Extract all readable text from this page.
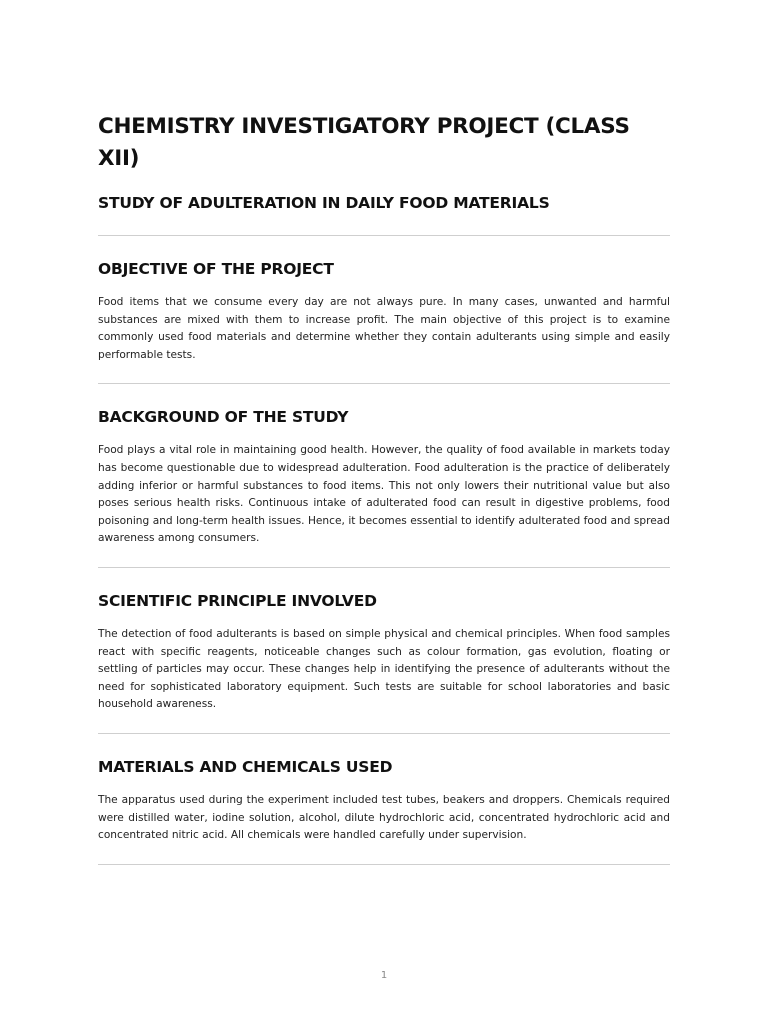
CHEMISTRY INVESTIGATORY PROJECT (CLASS XII)
STUDY OF ADULTERATION IN DAILY FOOD MATERIALS
OBJECTIVE OF THE PROJECT

Food items that we consume every day are not always pure. In many cases, unwanted and harmful substances are mixed with them to increase profit. The main objective of this project is to examine commonly used food materials and determine whether they contain adulterants using simple and easily performable tests.

BACKGROUND OF THE STUDY

Food plays a vital role in maintaining good health. However, the quality of food available in markets today has become questionable due to widespread adulteration. Food adulteration is the practice of deliberately adding inferior or harmful substances to food items. This not only lowers their nutritional value but also poses serious health risks. Continuous intake of adulterated food can result in digestive problems, food poisoning and long-term health issues. Hence, it becomes essential to identify adulterated food and spread awareness among consumers.

SCIENTIFIC PRINCIPLE INVOLVED

The detection of food adulterants is based on simple physical and chemical principles. When food samples react with specific reagents, noticeable changes such as colour formation, gas evolution, floating or settling of particles may occur. These changes help in identifying the presence of adulterants without the need for sophisticated laboratory equipment. Such tests are suitable for school laboratories and basic household awareness.

MATERIALS AND CHEMICALS USED

The apparatus used during the experiment included test tubes, beakers and droppers. Chemicals required were distilled water, iodine solution, alcohol, dilute hydrochloric acid, concentrated hydrochloric acid and concentrated nitric acid. All chemicals were handled carefully under supervision.

1
